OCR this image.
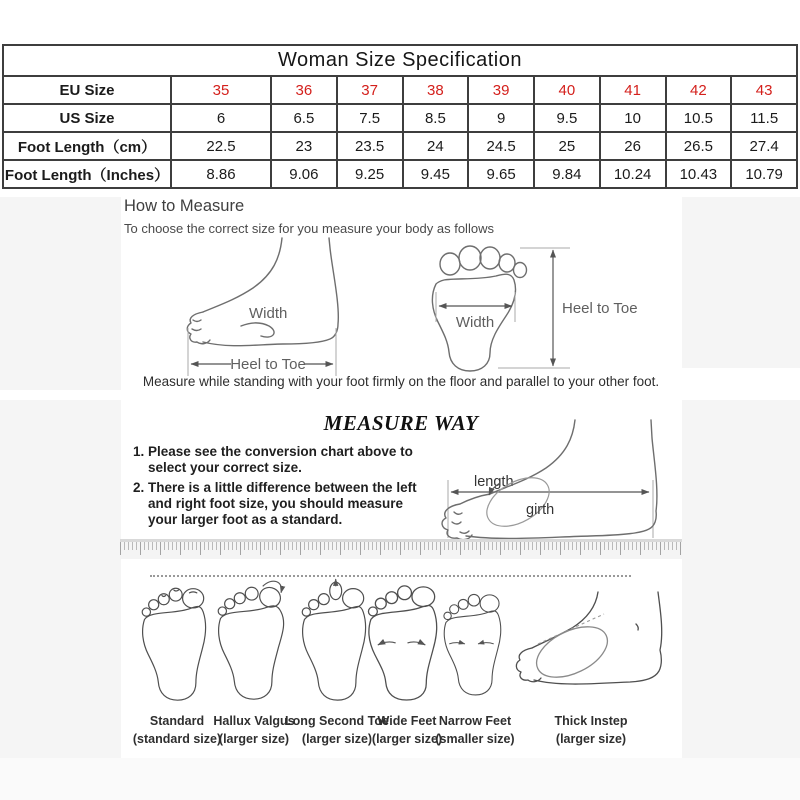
Woman Size Specification									
EU Size	35	36	37	38	39	40	41	42	43
US Size	6	6.5	7.5	8.5	9	9.5	10	10.5	11.5
Foot Length（cm）	22.5	23	23.5	24	24.5	25	26	26.5	27.4
Foot Length（Inches）	8.86	9.06	9.25	9.45	9.65	9.84	10.24	10.43	10.79
How to Measure
To choose the correct size for you measure your body as follows
Width
Heel to Toe
Width
Heel to Toe
Measure while standing with your foot firmly on the floor and parallel to your other foot.
MEASURE WAY
1. Please see the conversion chart above to select your correct size.
2. There is a little difference between the left and right foot size, you should measure your larger foot as a standard.
length
girth
Standard
(standard size)
Hallux Valgus
(larger size)
Long Second Toe
(larger size)
Wide Feet
(larger size)
Narrow Feet
(smaller size)
Thick Instep
(larger size)
